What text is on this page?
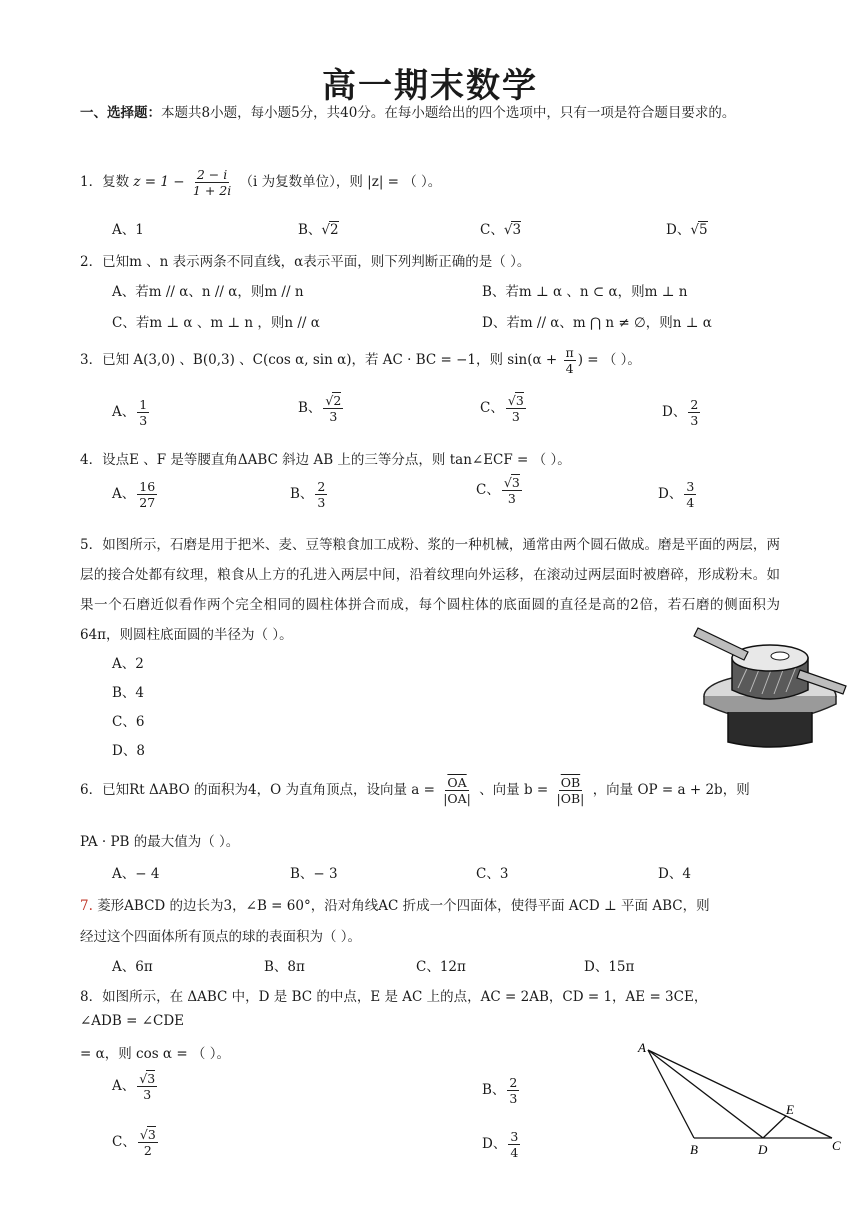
高一期末数学
一、选择题：本题共8小题，每小题5分，共40分。在每小题给出的四个选项中，只有一项是符合题目要求的。
1．复数 $z = 1 - \frac{2 - i}{1 + 2i} (i$ 为复数单位），则 |z| = （ ）。
A、1	B、√2	C、√3	D、√5
2．已知m 、n 表示两条不同直线，α表示平面，则下列判断正确的是（ ）。
A、若m // α、n // α，则m // n	B、若m ⊥ α 、n ⊂ α，则m ⊥ n
C、若m ⊥ α 、m ⊥ n ，则n // α	D、若m // α、m ⋂ n ≠ ∅，则n ⊥ α
3．已知 A(3,0) 、B(0,3) 、C(cos α, sin α)，若 AC · BC = −1，则 $\sin(\alpha + \frac{\pi}{4}$ ) = （ ）。
A、 $\frac{1}{3}$	B、 $\frac{√2}{3}$	C、 $\frac{√3}{3}$	D、 $\frac{2}{3}$
4．设点E 、F 是等腰直角ΔABC 斜边 AB 上的三等分点，则 tan∠ECF = （ ）。
A、 $\frac{16}{27}$	B、 $\frac{2}{3}$	C、 $\frac{√3}{3}$	D、 $\frac{3}{4}$
5．如图所示，石磨是用于把米、麦、豆等粮食加工成粉、浆的一种机械，通常由两个圆石做成。磨是平面的两层，两层的接合处都有纹理，粮食从上方的孔进入两层中间，沿着纹理向外运移，在滚动过两层面时被磨碎，形成粉末。如果一个石磨近似看作两个完全相同的圆柱体拼合而成，每个圆柱体的底面圆的直径是高的2倍，若石磨的侧面积为64π，则圆柱底面圆的半径为（ ）。
A、2
B、4
C、6
D、8
6．已知Rt ΔABO 的面积为4，O 为直角顶点，设向量 $a = \frac{\overline{OA}}{|OA|}$ 、向量 $b = \frac{\overline{OB}}{|OB|}$ ，向量 OP = a + 2b，则
PA · PB 的最大值为（ ）。
A、− 4	B、− 3	C、3	D、4
7. 菱形ABCD 的边长为3，∠B = 60°，沿对角线AC 折成一个四面体，使得平面 ACD ⊥ 平面 ABC，则
经过这个四面体所有顶点的球的表面积为（ ）。
A、6π	B、8π	C、12π	D、15π
8．如图所示，在 ΔABC 中，D 是 BC 的中点，E 是 AC 上的点，AC = 2AB，CD = 1，AE = 3CE，
∠ADB = ∠CDE
= α，则 cos α = （ ）。
A、 $\frac{√3}{3}$	B、 $\frac{2}{3}$
C、 $\frac{√3}{2}$	D、 $\frac{3}{4}$
A
B	D
E
C
